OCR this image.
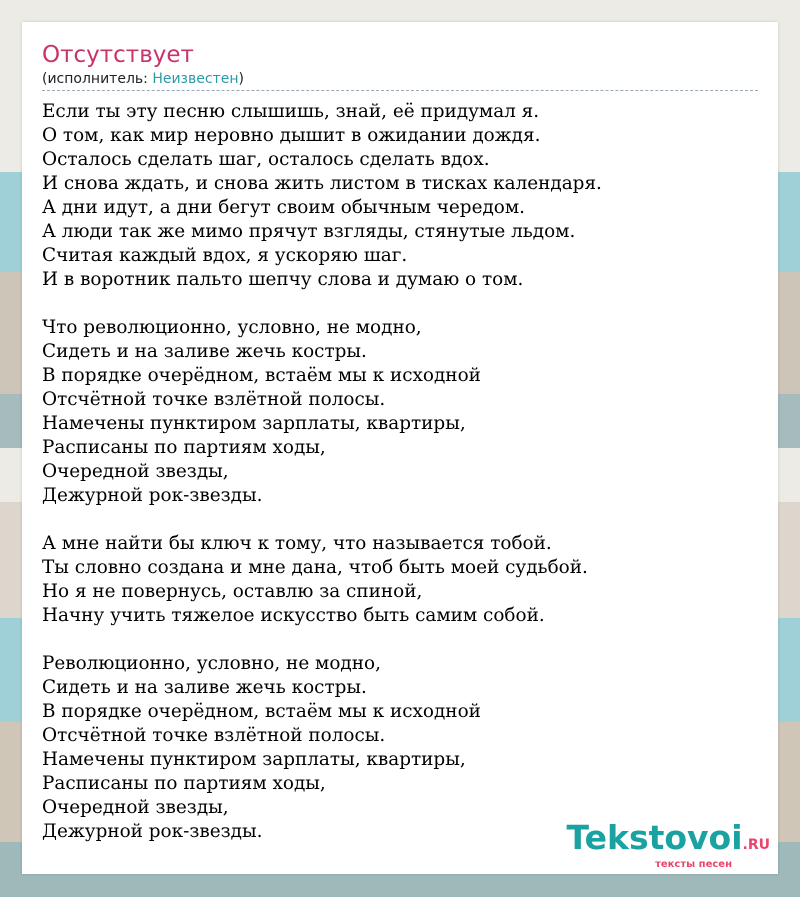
Отсутствует
(исполнитель: Неизвестен)
Если ты эту песню слышишь, знай, её придумал я.
О том, как мир неровно дышит в ожидании дождя.
Осталось сделать шаг, осталось сделать вдох.
И снова ждать, и снова жить листом в тисках календаря.
А дни идут, а дни бегут своим обычным чередом.
А люди так же мимо прячут взгляды, стянутые льдом.
Считая каждый вдох, я ускоряю шаг.
И в воротник пальто шепчу слова и думаю о том.
Что революционно, условно, не модно,
Сидеть и на заливе жечь костры.
В порядке очерёдном, встаём мы к исходной
Отсчётной точке взлётной полосы.
Намечены пунктиром зарплаты, квартиры,
Расписаны по партиям ходы,
Очередной звезды,
Дежурной рок-звезды.
А мне найти бы ключ к тому, что называется тобой.
Ты словно создана и мне дана, чтоб быть моей судьбой.
Но я не повернусь, оставлю за спиной,
Начну учить тяжелое искусство быть самим собой.
Революционно, условно, не модно,
Сидеть и на заливе жечь костры.
В порядке очерёдном, встаём мы к исходной
Отсчётной точке взлётной полосы.
Намечены пунктиром зарплаты, квартиры,
Расписаны по партиям ходы,
Очередной звезды,
Дежурной рок-звезды.	Tekstovoi.RU
тексты песен
